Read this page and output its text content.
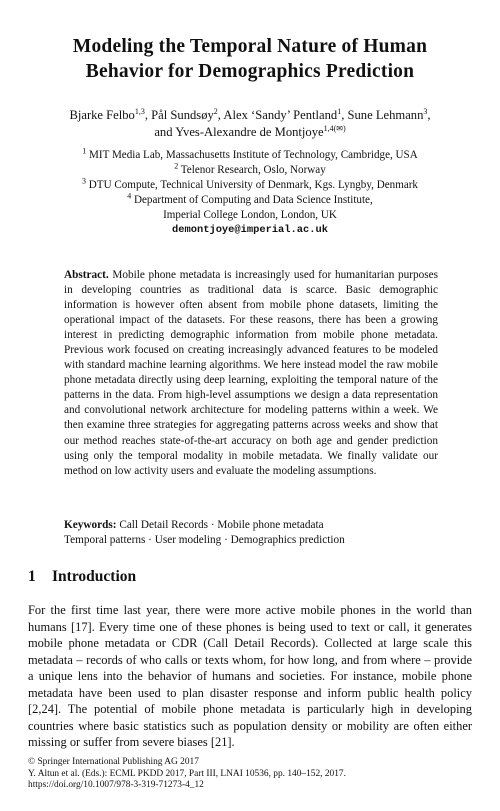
Modeling the Temporal Nature of Human
Behavior for Demographics Prediction
Bjarke Felbo$^{1,3}$, Pål Sundsøy$^2$, Alex ‘Sandy’ Pentland$^1$, Sune Lehmann$^3$,
and Yves-Alexandre de Montjoye$^{1,4(✉)}$
$^1$ MIT Media Lab, Massachusetts Institute of Technology, Cambridge, USA
$^2$ Telenor Research, Oslo, Norway
$^3$ DTU Compute, Technical University of Denmark, Kgs. Lyngby, Denmark
$^4$ Department of Computing and Data Science Institute,
Imperial College London, London, UK
demontjoye@imperial.ac.uk
Abstract. Mobile phone metadata is increasingly used for humanitarian purposes in developing countries as traditional data is scarce. Basic demographic information is however often absent from mobile phone datasets, limiting the operational impact of the datasets. For these reasons, there has been a growing interest in predicting demographic information from mobile phone metadata. Previous work focused on creating increasingly advanced features to be modeled with standard machine learning algorithms. We here instead model the raw mobile phone metadata directly using deep learning, exploiting the temporal nature of the patterns in the data. From high-level assumptions we design a data representation and convolutional network architecture for modeling patterns within a week. We then examine three strategies for aggregating patterns across weeks and show that our method reaches state-of-the-art accuracy on both age and gender prediction using only the temporal modality in mobile metadata. We finally validate our method on low activity users and evaluate the modeling assumptions.
Keywords: Call Detail Records · Mobile phone metadata
Temporal patterns · User modeling · Demographics prediction
1 Introduction
For the first time last year, there were more active mobile phones in the world than humans [17]. Every time one of these phones is being used to text or call, it generates mobile phone metadata or CDR (Call Detail Records). Collected at large scale this metadata – records of who calls or texts whom, for how long, and from where – provide a unique lens into the behavior of humans and societies. For instance, mobile phone metadata have been used to plan disaster response and inform public health policy [2,24]. The potential of mobile phone metadata is particularly high in developing countries where basic statistics such as population density or mobility are often either missing or suffer from severe biases [21].
© Springer International Publishing AG 2017
Y. Altun et al. (Eds.): ECML PKDD 2017, Part III, LNAI 10536, pp. 140–152, 2017.
https://doi.org/10.1007/978-3-319-71273-4_12
